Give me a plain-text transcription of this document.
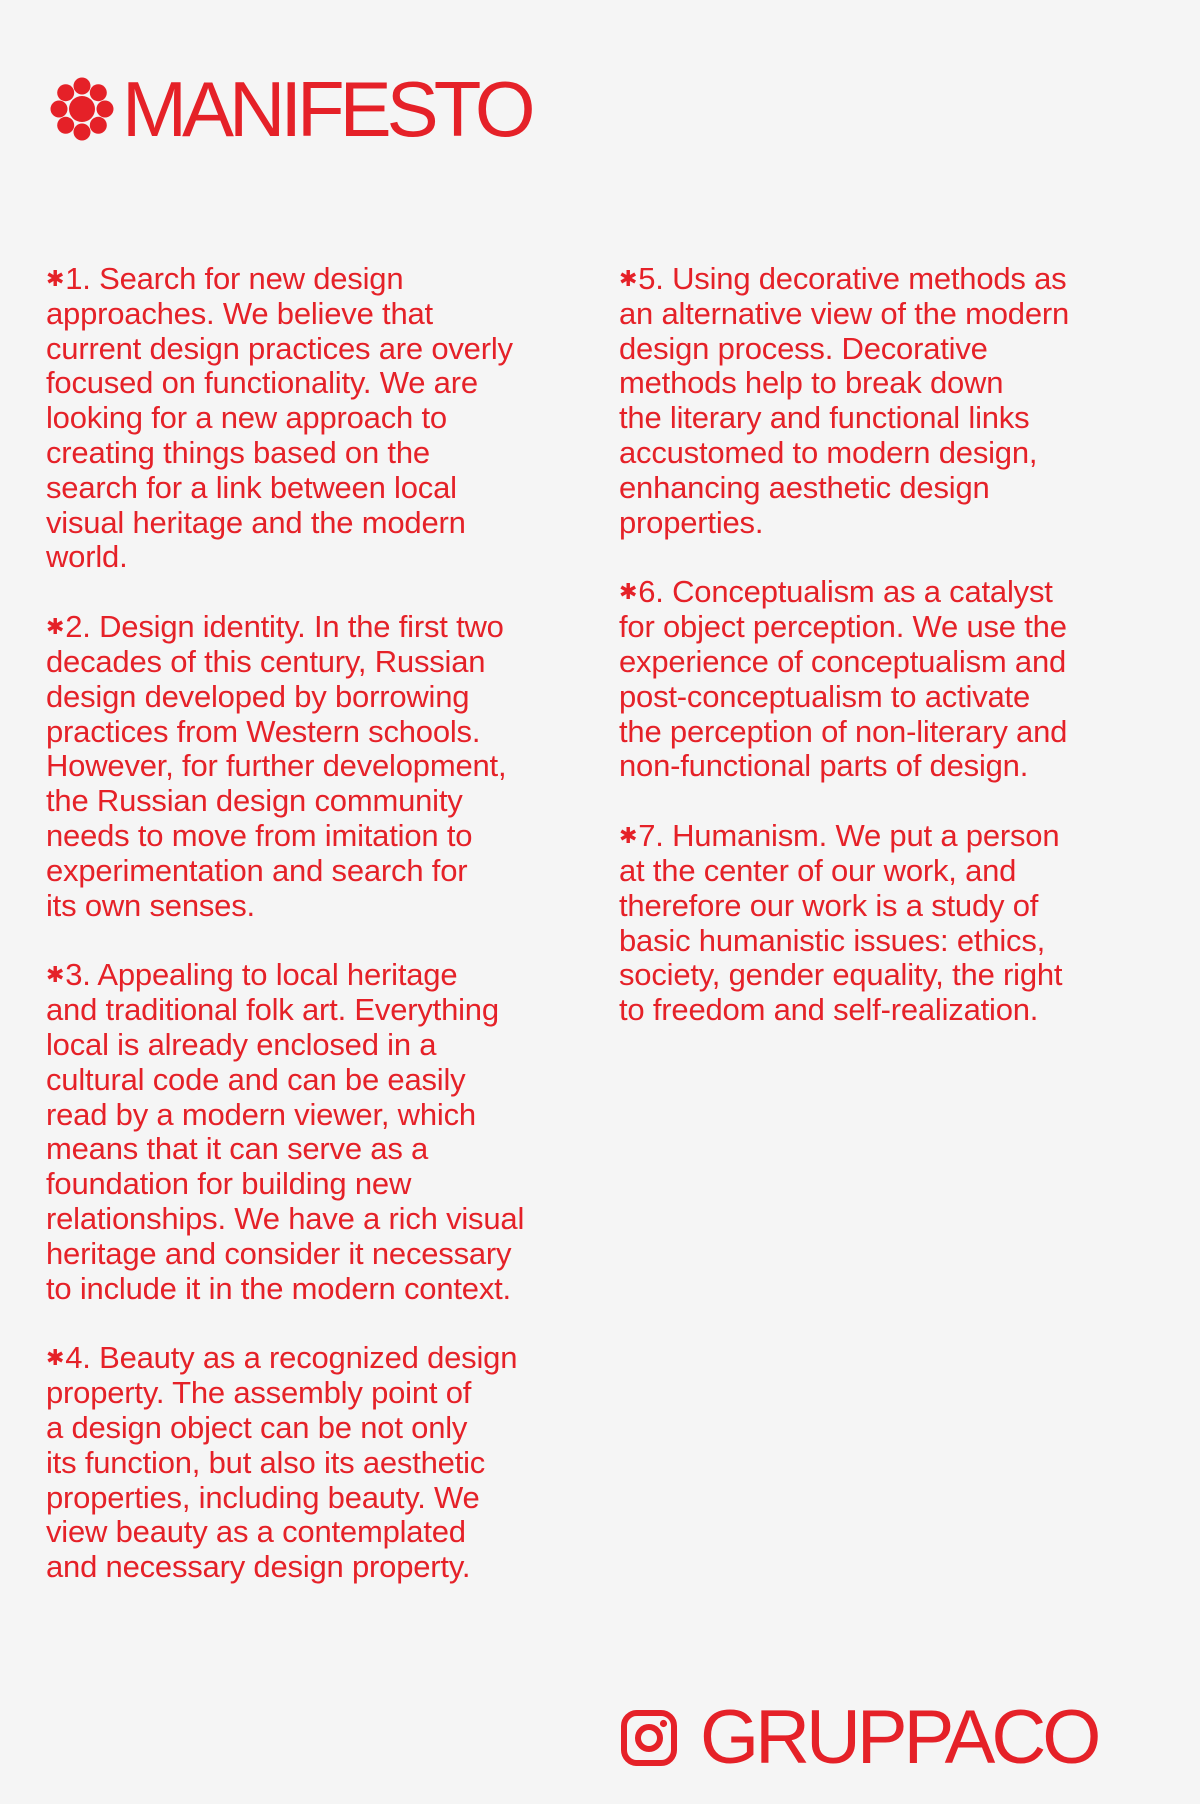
MANIFESTO

✱1. Search for new design
approaches. We believe that
current design practices are overly
focused on functionality. We are
looking for a new approach to
creating things based on the
search for a link between local
visual heritage and the modern
world.

✱2. Design identity. In the first two
decades of this century, Russian
design developed by borrowing
practices from Western schools.
However, for further development,
the Russian design community
needs to move from imitation to
experimentation and search for
its own senses.

✱3. Appealing to local heritage
and traditional folk art. Everything
local is already enclosed in a
cultural code and can be easily
read by a modern viewer, which
means that it can serve as a
foundation for building new
relationships. We have a rich visual
heritage and consider it necessary
to include it in the modern context.

✱4. Beauty as a recognized design
property. The assembly point of
a design object can be not only
its function, but also its aesthetic
properties, including beauty. We
view beauty as a contemplated
and necessary design property.

✱5. Using decorative methods as
an alternative view of the modern
design process. Decorative
methods help to break down
the literary and functional links
accustomed to modern design,
enhancing aesthetic design
properties.

✱6. Conceptualism as a catalyst
for object perception. We use the
experience of conceptualism and
post-conceptualism to activate
the perception of non-literary and
non-functional parts of design.

✱7. Humanism. We put a person
at the center of our work, and
therefore our work is a study of
basic humanistic issues: ethics,
society, gender equality, the right
to freedom and self-realization.

GRUPPACO
